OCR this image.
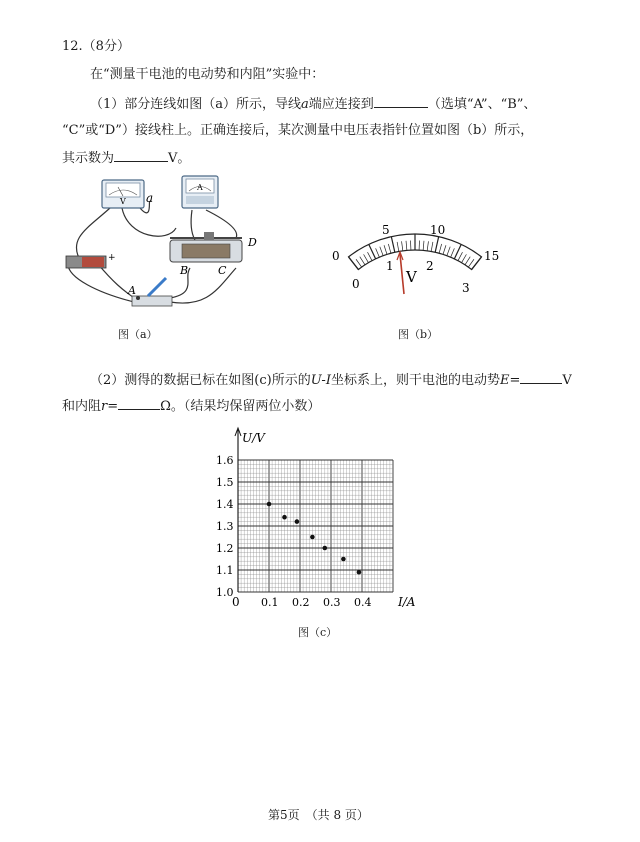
12.（8分）
在“测量干电池的电动势和内阻”实验中：
（1）部分连线如图（a）所示，导线a端应连接到	（选填“A”、“B”、
“C”或“D”）接线柱上。正确连接后，某次测量中电压表指针位置如图（b）所示，
其示数为	V。
V a
A
+
B	C
D
A
图（a）
0
5	10
15
0
1	2
3
V
图（b）
（2）测得的数据已标在如图(c)所示的U-I坐标系上，则干电池的电动势E=	V
和内阻r=	Ω。（结果均保留两位小数）
1.0
1.1
1.2
1.3
1.4
1.5
1.6
0.1 0.2 0.3 0.4
U/V
I/A
0
图（c）
第5页　（共 8 页）
